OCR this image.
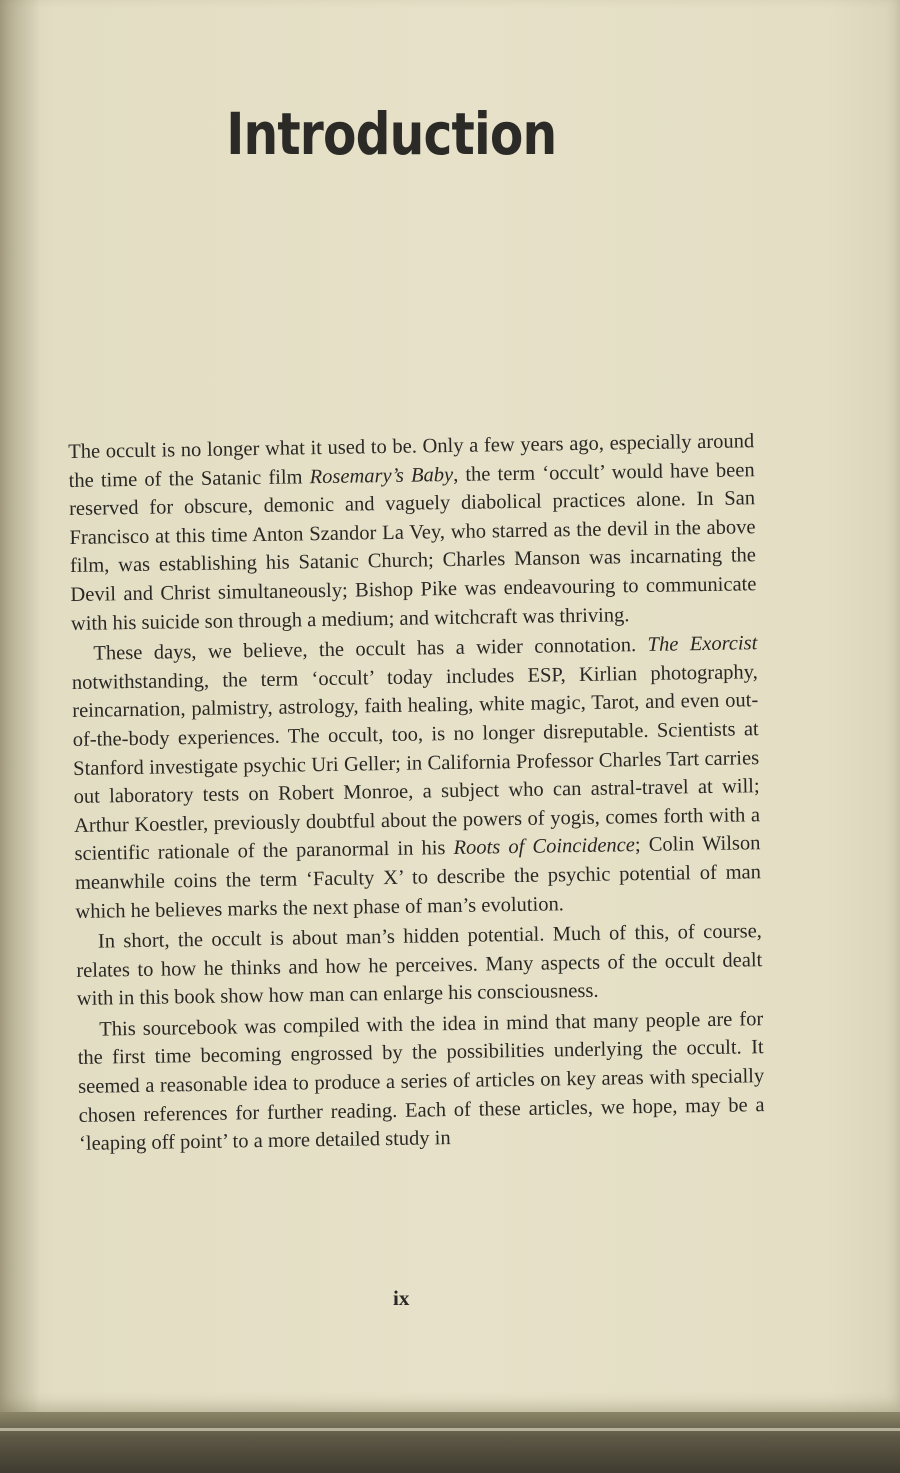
Introduction

The occult is no longer what it used to be. Only a few years ago, especially around the time of the Satanic film Rosemary’s Baby, the term ‘occult’ would have been reserved for obscure, demonic and vaguely diabolical practices alone. In San Francisco at this time Anton Szandor La Vey, who starred as the devil in the above film, was establishing his Satanic Church; Charles Manson was incarnating the Devil and Christ simultaneously; Bishop Pike was endeavouring to communicate with his suicide son through a medium; and witchcraft was thriving.

These days, we believe, the occult has a wider connotation. The Exorcist notwithstanding, the term ‘occult’ today includes ESP, Kirlian photography, reincarnation, palmistry, astrology, faith healing, white magic, Tarot, and even out-of-the-body experiences. The occult, too, is no longer disreputable. Scientists at Stanford investigate psychic Uri Geller; in California Professor Charles Tart carries out laboratory tests on Robert Monroe, a subject who can astral-travel at will; Arthur Koestler, previously doubtful about the powers of yogis, comes forth with a scientific rationale of the paranormal in his Roots of Coincidence; Colin Wilson meanwhile coins the term ‘Faculty X’ to describe the psychic potential of man which he believes marks the next phase of man’s evolution.

In short, the occult is about man’s hidden potential. Much of this, of course, relates to how he thinks and how he perceives. Many aspects of the occult dealt with in this book show how man can enlarge his consciousness.

This sourcebook was compiled with the idea in mind that many people are for the first time becoming engrossed by the possibilities underlying the occult. It seemed a reasonable idea to produce a series of articles on key areas with specially chosen references for further reading. Each of these articles, we hope, may be a ‘leaping off point’ to a more detailed study in

ix
